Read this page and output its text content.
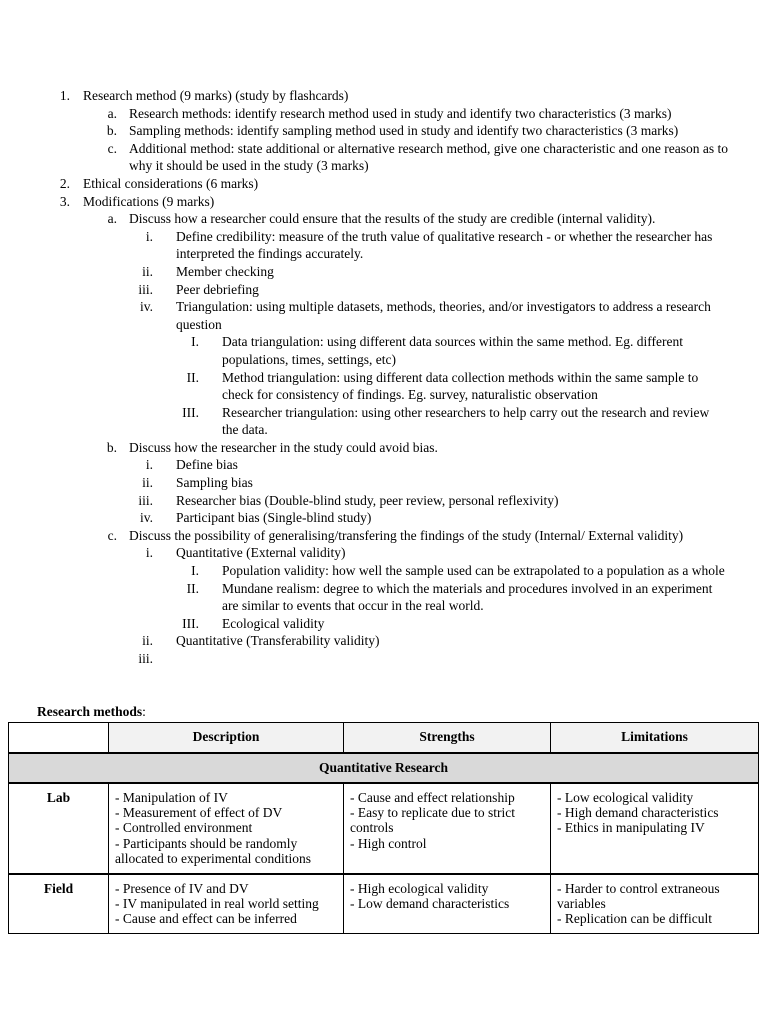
1. Research method (9 marks) (study by flashcards)
a. Research methods: identify research method used in study and identify two characteristics (3 marks)
b. Sampling methods: identify sampling method used in study and identify two characteristics (3 marks)
c. Additional method: state additional or alternative research method, give one characteristic and one reason as to why it should be used in the study (3 marks)
2. Ethical considerations (6 marks)
3. Modifications (9 marks)
a. Discuss how a researcher could ensure that the results of the study are credible (internal validity).
i. Define credibility: measure of the truth value of qualitative research - or whether the researcher has interpreted the findings accurately.
ii. Member checking
iii. Peer debriefing
iv. Triangulation: using multiple datasets, methods, theories, and/or investigators to address a research question
I. Data triangulation: using different data sources within the same method. Eg. different populations, times, settings, etc)
II. Method triangulation: using different data collection methods within the same sample to check for consistency of findings. Eg. survey, naturalistic observation
III. Researcher triangulation: using other researchers to help carry out the research and review the data.
b. Discuss how the researcher in the study could avoid bias.
i. Define bias
ii. Sampling bias
iii. Researcher bias (Double-blind study, peer review, personal reflexivity)
iv. Participant bias (Single-blind study)
c. Discuss the possibility of generalising/transfering the findings of the study (Internal/ External validity)
i. Quantitative (External validity)
I. Population validity: how well the sample used can be extrapolated to a population as a whole
II. Mundane realism: degree to which the materials and procedures involved in an experiment are similar to events that occur in the real world.
III. Ecological validity
ii. Quantitative (Transferability validity)
iii.
Research methods:
	Description	Strengths	Limitations
Quantitative Research			
Lab	- Manipulation of IV
- Measurement of effect of DV
- Controlled environment
- Participants should be randomly allocated to experimental conditions	- Cause and effect relationship
- Easy to replicate due to strict controls
- High control	- Low ecological validity
- High demand characteristics
- Ethics in manipulating IV

Field	- Presence of IV and DV
- IV manipulated in real world setting
- Cause and effect can be inferred	- High ecological validity
- Low demand characteristics	- Harder to control extraneous variables
- Replication can be difficult
